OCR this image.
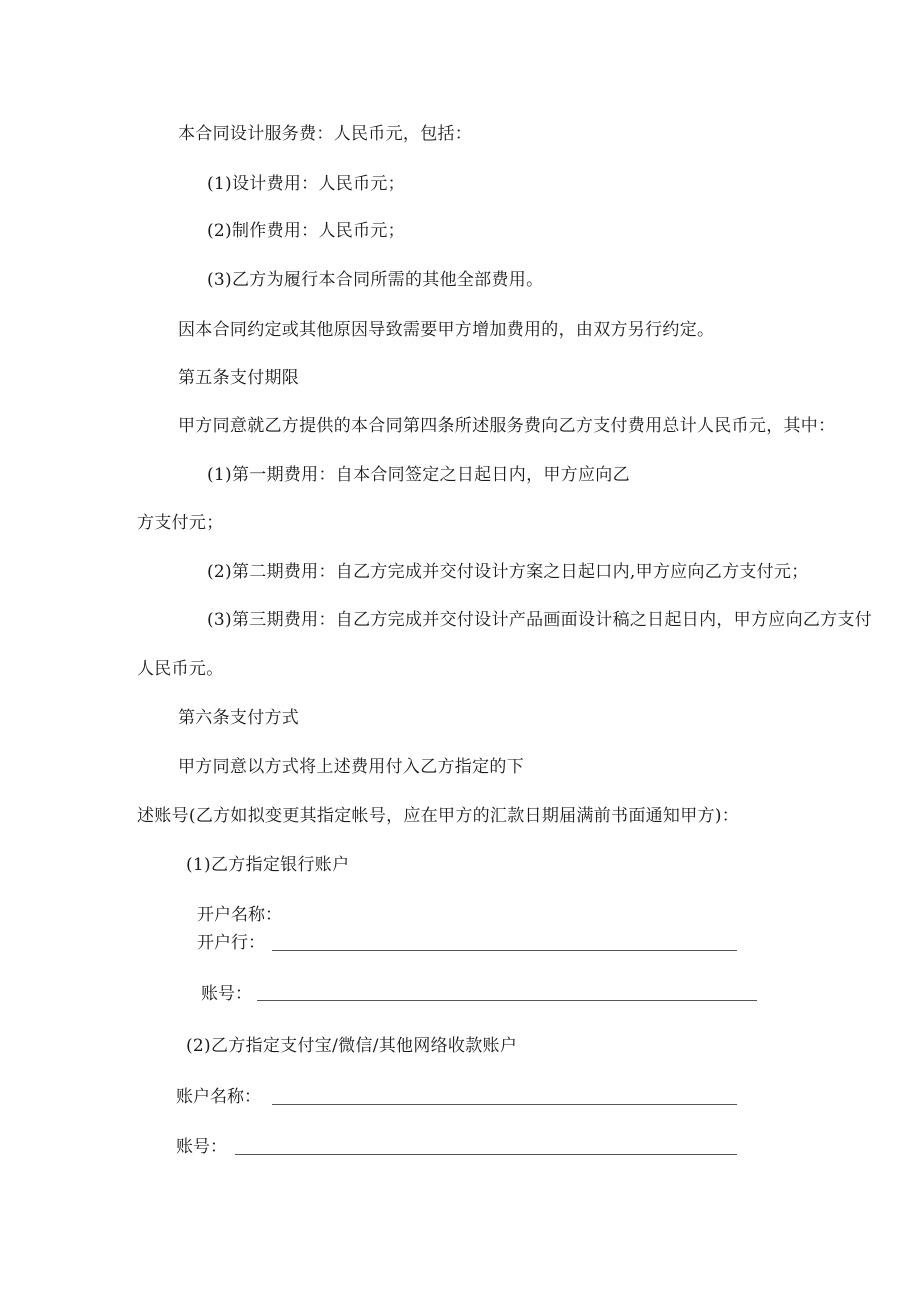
本合同设计服务费：人民币元，包括：
(1)设计费用：人民币元；
(2)制作费用：人民币元；
(3)乙方为履行本合同所需的其他全部费用。
因本合同约定或其他原因导致需要甲方增加费用的，由双方另行约定。
第五条支付期限
甲方同意就乙方提供的本合同第四条所述服务费向乙方支付费用总计人民币元，其中：
(1)第一期费用：自本合同签定之日起日内，甲方应向乙
方支付元；
(2)第二期费用：自乙方完成并交付设计方案之日起口内,甲方应向乙方支付元；
(3)第三期费用：自乙方完成并交付设计产品画面设计稿之日起日内，甲方应向乙方支付
人民币元。
第六条支付方式
甲方同意以方式将上述费用付入乙方指定的下
述账号(乙方如拟变更其指定帐号，应在甲方的汇款日期届满前书面通知甲方)：
(1)乙方指定银行账户
开户名称：
开户行：
账号：
(2)乙方指定支付宝/微信/其他网络收款账户
账户名称：
账号：
